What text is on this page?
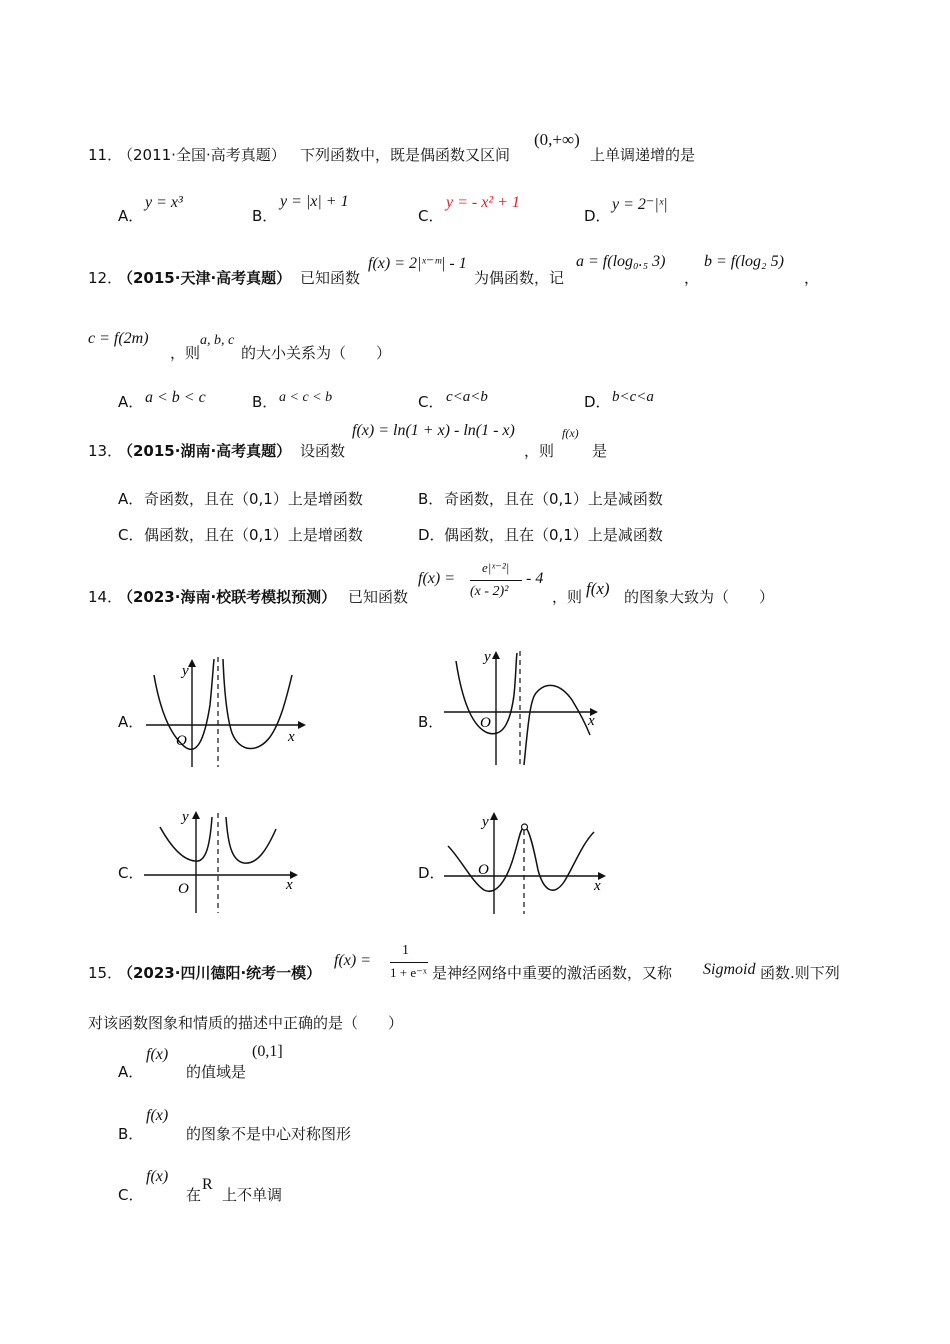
11．
（2011·全国·高考真题） 下列函数中，既是偶函数又区间
(0,+∞)
上单调递增的是
A．
y = x³
B．
y = |x| + 1
C．
y = - x² + 1
D．
y = 2⁻|ˣ|
12．
（2015·天津·高考真题） 已知函数
f(x) = 2|ˣ⁻ᵐ| - 1
为偶函数，记
a = f(log₀.₅ 3)
，
b = f(log₂ 5)
，
c = f(2m)
，则
a, b, c
的大小关系为（　　）
A． a < b < c	B． a < c < b	C． c<a<b	D． b<c<a
13．
（2015·湖南·高考真题） 设函数
f(x) = ln(1 + x) - ln(1 - x)
，则
f(x)
是
A． 奇函数，且在（0,1）上是增函数	B． 奇函数，且在（0,1）上是减函数
C． 偶函数，且在（0,1）上是增函数	D． 偶函数，且在（0,1）上是减函数
14．
（2023·海南·校联考模拟预测） 已知函数
f(x) =
e|ˣ⁻²|
(x - 2)²
- 4
，则 f(x) 的图象大致为（　　）
A．
y
x
O
B．
y
x
O
C．
y
x
O
D．
y
x
O
15．
（2023·四川德阳·统考一模）
f(x) =
1
1 + e⁻ˣ 是神经网络中重要的激活函数，又称 Sigmoid 函数.则下列
对该函数图象和情质的描述中正确的是（　　）
A．
f(x)
的值域是
(0,1]
B．
f(x)
的图象不是中心对称图形
C．
f(x)
在
R
上不单调
